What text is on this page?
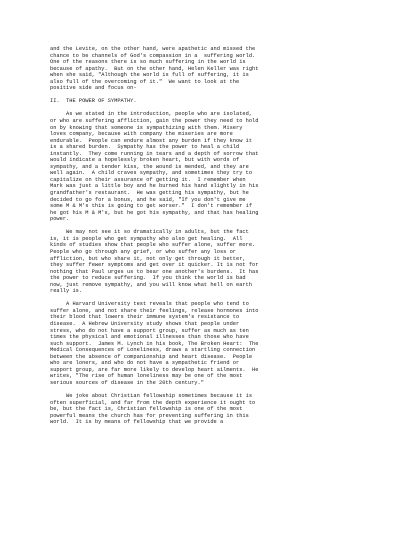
and the Levite, on the other hand, were apathetic and missed the
chance to be channels of God's compassion in a  suffering world.
One of the reasons there is so much suffering in the world is
because of apathy.  But on the other hand, Helen Keller was right
when she said, "Although the world is full of suffering, it is
also full of the overcoming of it."  We want to look at the
positive side and focus on-
II.  THE POWER OF SYMPATHY.
As we stated in the introduction, people who are isolated,
or who are suffering affliction, gain the power they need to hold
on by knowing that someone is sympathizing with them. Misery
loves company, because with company the miseries are more
endurable.  People can endure almost any burden if they know it
is a shared burden.  Sympathy has the power to heal a child
instantly.  They come running in tears and a depth of sorrow that
would indicate a hopelessly broken heart, but with words of
sympathy, and a tender kiss, the wound is mended, and they are
well again.  A child craves sympathy, and sometimes they try to
capitalize on their assurance of getting it.  I remember when
Mark was just a little boy and he burned his hand slightly in his
grandfather's restaurant.  He was getting his sympathy, but he
decided to go for a bonus, and he said, "If you don't give me
some M & M's this is going to get worser."  I don't remember if
he got his M & M's, but he got his sympathy, and that has healing
power.
We may not see it so dramatically in adults, but the fact
is, it is people who get sympathy who also get healing.  All
kinds of studies show that people who suffer alone, suffer more.
People who go through any grief, or who suffer any loss or
affliction, but who share it, not only get through it better,
they suffer fewer symptoms and get over it quicker. It is not for
nothing that Paul urges us to bear one another's burdens.  It has
the power to reduce suffering.  If you think the world is bad
now, just remove sympathy, and you will know what hell on earth
really is.
A Harvard University test reveals that people who tend to
suffer alone, and not share their feelings, release hormones into
their blood that lowers their immune system's resistance to
disease.  A Hebrew University study shows that people under
stress, who do not have a support group, suffer as much as ten
times the physical and emotional illnesses than those who have
such support.  James M. Lynch in his book, The Broken Heart:  The
Medical Consequences of Loneliness, draws a startling connection
between the absence of companionship and heart disease.  People
who are loners, and who do not have a sympathetic friend or
support group, are far more likely to develop heart ailments.  He
writes, "The rise of human loneliness may be one of the most
serious sources of disease in the 20th century."
We joke about Christian fellowship sometimes because it is
often superficial, and far from the depth experience it ought to
be, but the fact is, Christian fellowship is one of the most
powerful means the church has for preventing suffering in this
world.  It is by means of fellowship that we provide a
